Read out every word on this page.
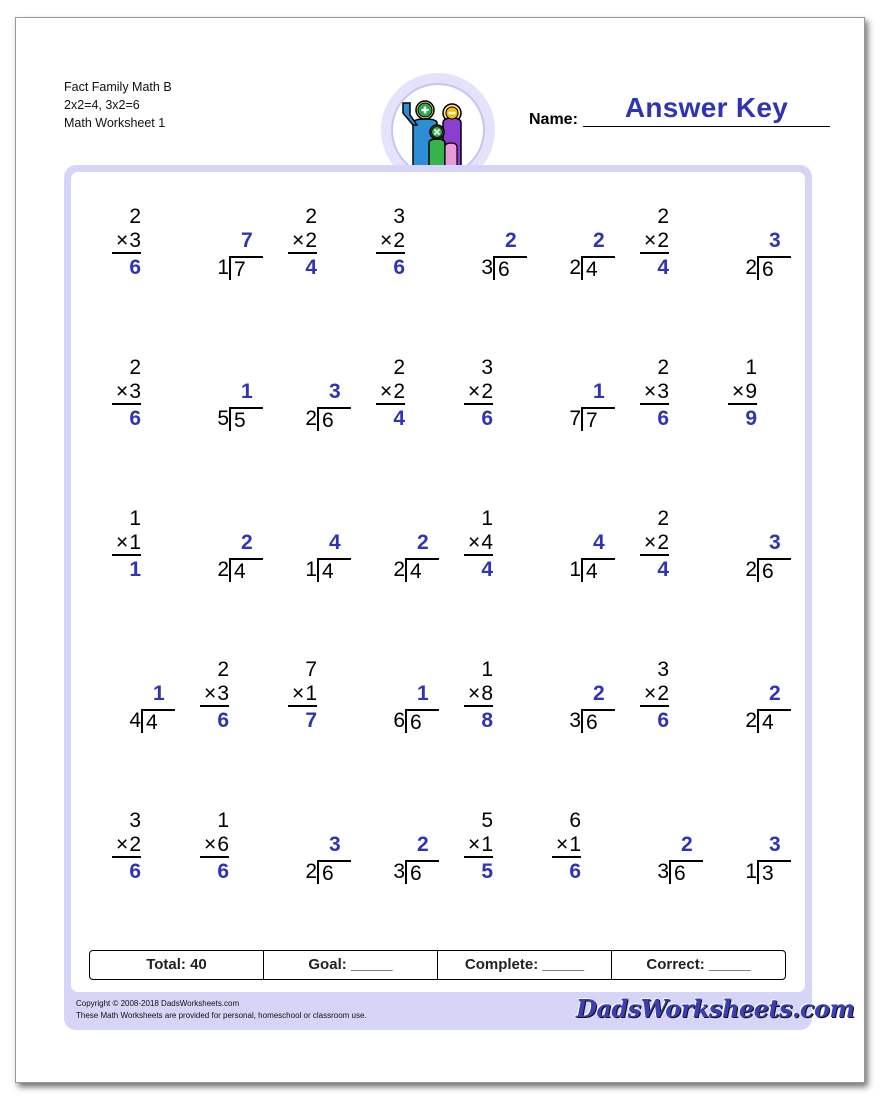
Fact Family Math B
2x2=4, 3x2=6
Math Worksheet 1	Name:	Answer Key
2
×3
6
7
1 7
2
×2
4
3
×2
6
2
3 6
2
2 4
2
×2
4
3
2 6
2
×3
6
1
5 5
3
2 6
2
×2
4
3
×2
6
1
7 7
2
×3
6
1
×9
9
1
×1
1
2
2 4
4
1 4
2
2 4
1
×4
4
4
1 4
2
×2
4
3
2 6
1
4 4
2
×3
6
7
×1
7
1
6 6
1
×8
8
2
3 6
3
×2
6
2
2 4
3
×2
6
1
×6
6
3
2 6
2
3 6
5
×1
5
6
×1
6
2
3 6
3
1 3
Total: 40	Goal: _____	Complete: _____	Correct: _____
Copyright © 2008-2018 DadsWorksheets.com
These Math Worksheets are provided for personal, homeschool or classroom use.	DadsWorksheets.com
